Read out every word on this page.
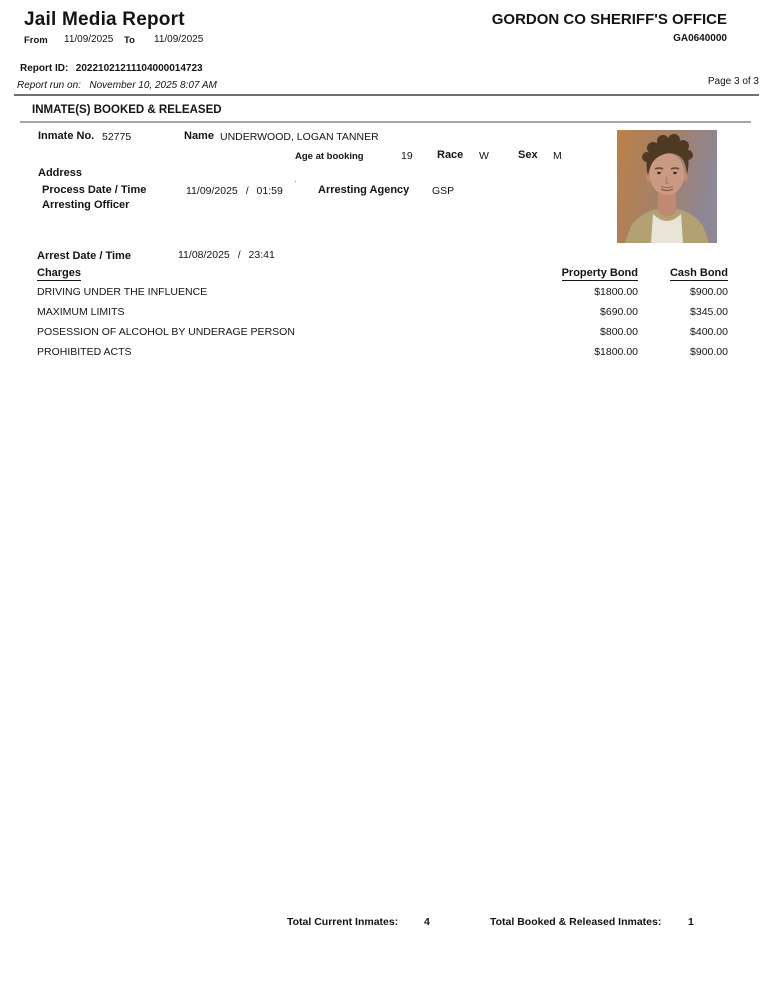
Jail Media Report	GORDON CO SHERIFF'S OFFICE
From 11/09/2025 To 11/09/2025	GA0640000
Report ID: 20221021211104000014723
Report run on: November 10, 2025 8:07 AM	Page 3 of 3
INMATE(S) BOOKED & RELEASED
Inmate No. 52775	Name UNDERWOOD, LOGAN TANNER
Age at booking	19 Race W	Sex M
Address	.
Process Date / Time	11/09/2025 / 01:59	Arresting Agency GSP
Arresting Officer
Arrest Date / Time	11/08/2025 / 23:41
Charges	Property Bond	Cash Bond
DRIVING UNDER THE INFLUENCE	$1800.00	$900.00
MAXIMUM LIMITS	$690.00	$345.00
POSESSION OF ALCOHOL BY UNDERAGE PERSON	$800.00	$400.00
PROHIBITED ACTS	$1800.00	$900.00
Total Current Inmates: 4	Total Booked & Released Inmates:	1
